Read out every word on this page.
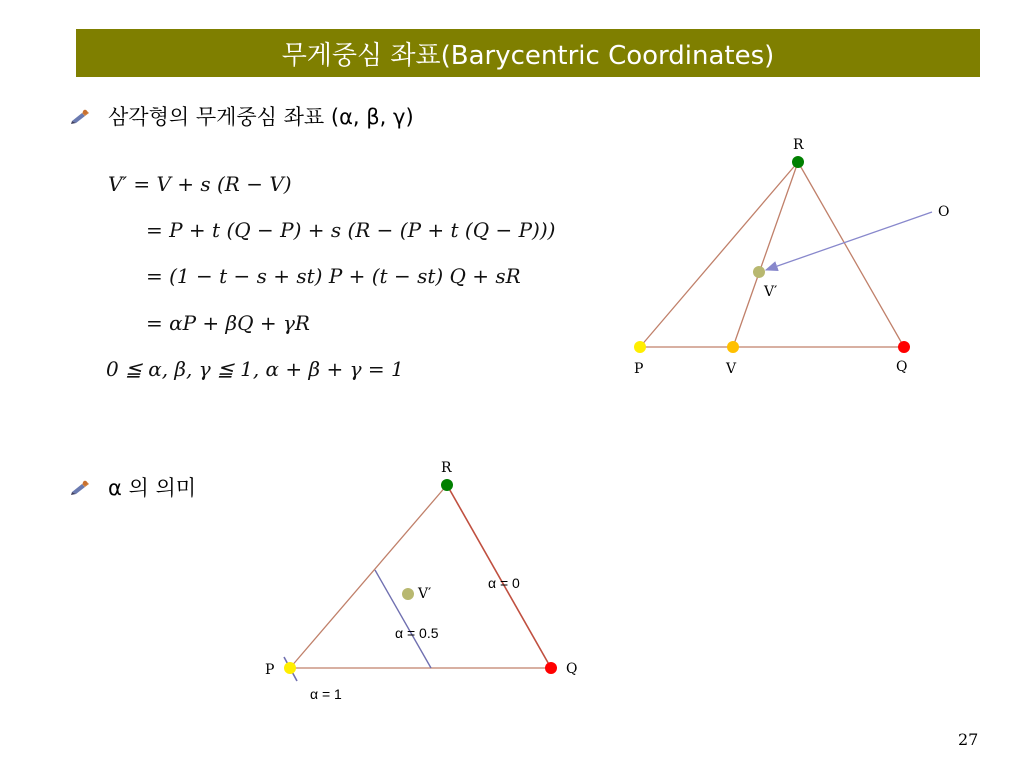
무게중심 좌표(Barycentric Coordinates)
삼각형의 무게중심 좌표 (α, β, γ)
V′ = V + s (R − V)
= P + t (Q − P) + s (R − (P + t (Q − P)))
= (1 − t − s + st) P + (t − st) Q + sR
= αP + βQ + γR
0 ≦ α, β, γ ≦ 1, α + β + γ = 1
α 의 의미
R
O
V′
P	V	Q
R
V′
P	Q
α = 0
α = 0.5
α = 1
27
